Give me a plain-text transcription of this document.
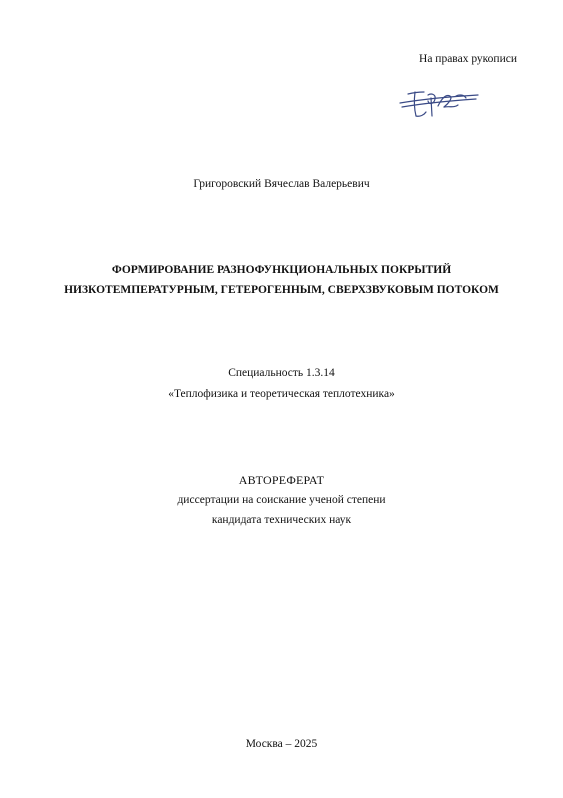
На правах рукописи
Григоровский Вячеслав Валерьевич
ФОРМИРОВАНИЕ РАЗНОФУНКЦИОНАЛЬНЫХ ПОКРЫТИЙ
НИЗКОТЕМПЕРАТУРНЫМ, ГЕТЕРОГЕННЫМ, СВЕРХЗВУКОВЫМ ПОТОКОМ
Специальность 1.3.14
«Теплофизика и теоретическая теплотехника»
АВТОРЕФЕРАТ
диссертации на соискание ученой степени
кандидата технических наук
Москва – 2025
